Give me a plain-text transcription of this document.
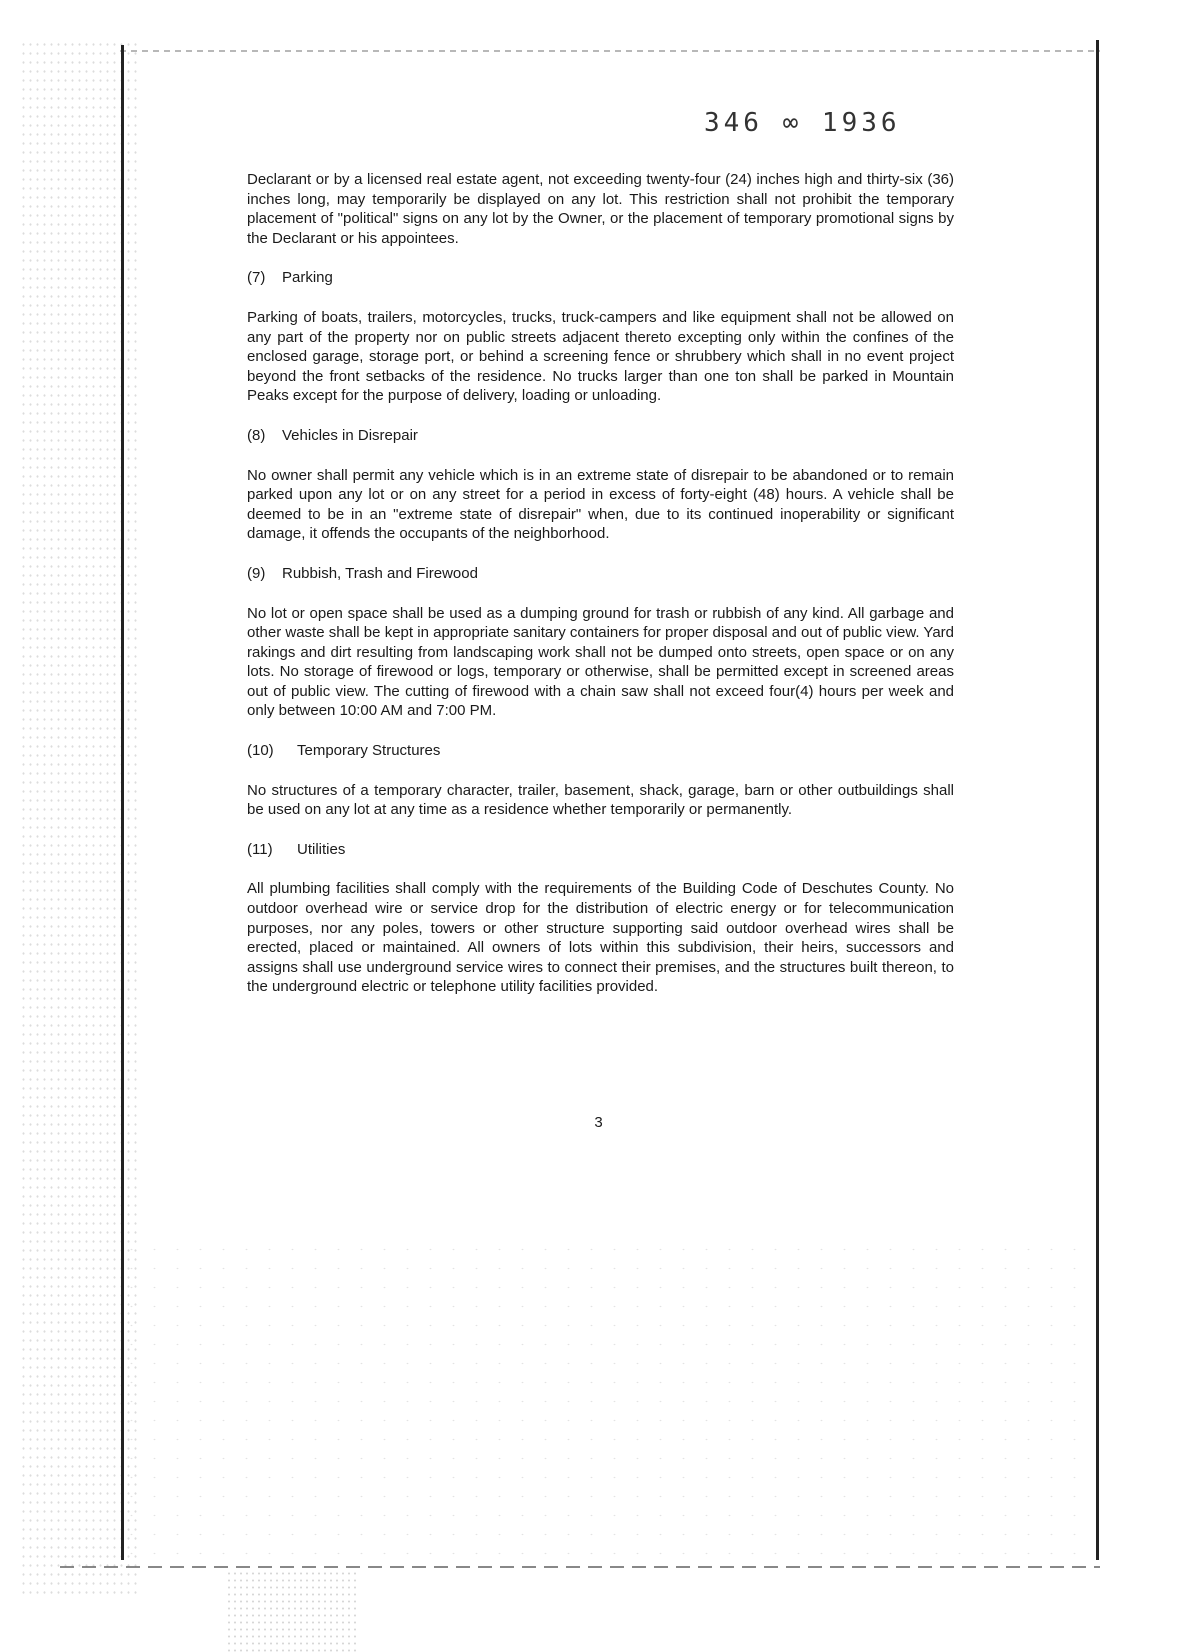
346 ∞ 1936

Declarant or by a licensed real estate agent, not exceeding twenty-four (24) inches high and thirty-six (36) inches long, may temporarily be displayed on any lot. This restriction shall not prohibit the temporary placement of "political" signs on any lot by the Owner, or the placement of temporary promotional signs by the Declarant or his appointees.

(7) Parking

Parking of boats, trailers, motorcycles, trucks, truck-campers and like equipment shall not be allowed on any part of the property nor on public streets adjacent thereto excepting only within the confines of the enclosed garage, storage port, or behind a screening fence or shrubbery which shall in no event project beyond the front setbacks of the residence. No trucks larger than one ton shall be parked in Mountain Peaks except for the purpose of delivery, loading or unloading.

(8) Vehicles in Disrepair

No owner shall permit any vehicle which is in an extreme state of disrepair to be abandoned or to remain parked upon any lot or on any street for a period in excess of forty-eight (48) hours. A vehicle shall be deemed to be in an "extreme state of disrepair" when, due to its continued inoperability or significant damage, it offends the occupants of the neighborhood.

(9) Rubbish, Trash and Firewood

No lot or open space shall be used as a dumping ground for trash or rubbish of any kind. All garbage and other waste shall be kept in appropriate sanitary containers for proper disposal and out of public view. Yard rakings and dirt resulting from landscaping work shall not be dumped onto streets, open space or on any lots. No storage of firewood or logs, temporary or otherwise, shall be permitted except in screened areas out of public view. The cutting of firewood with a chain saw shall not exceed four(4) hours per week and only between 10:00 AM and 7:00 PM.

(10) Temporary Structures

No structures of a temporary character, trailer, basement, shack, garage, barn or other outbuildings shall be used on any lot at any time as a residence whether temporarily or permanently.

(11) Utilities

All plumbing facilities shall comply with the requirements of the Building Code of Deschutes County. No outdoor overhead wire or service drop for the distribution of electric energy or for telecommunication purposes, nor any poles, towers or other structure supporting said outdoor overhead wires shall be erected, placed or maintained. All owners of lots within this subdivision, their heirs, successors and assigns shall use underground service wires to connect their premises, and the structures built thereon, to the underground electric or telephone utility facilities provided.

3
